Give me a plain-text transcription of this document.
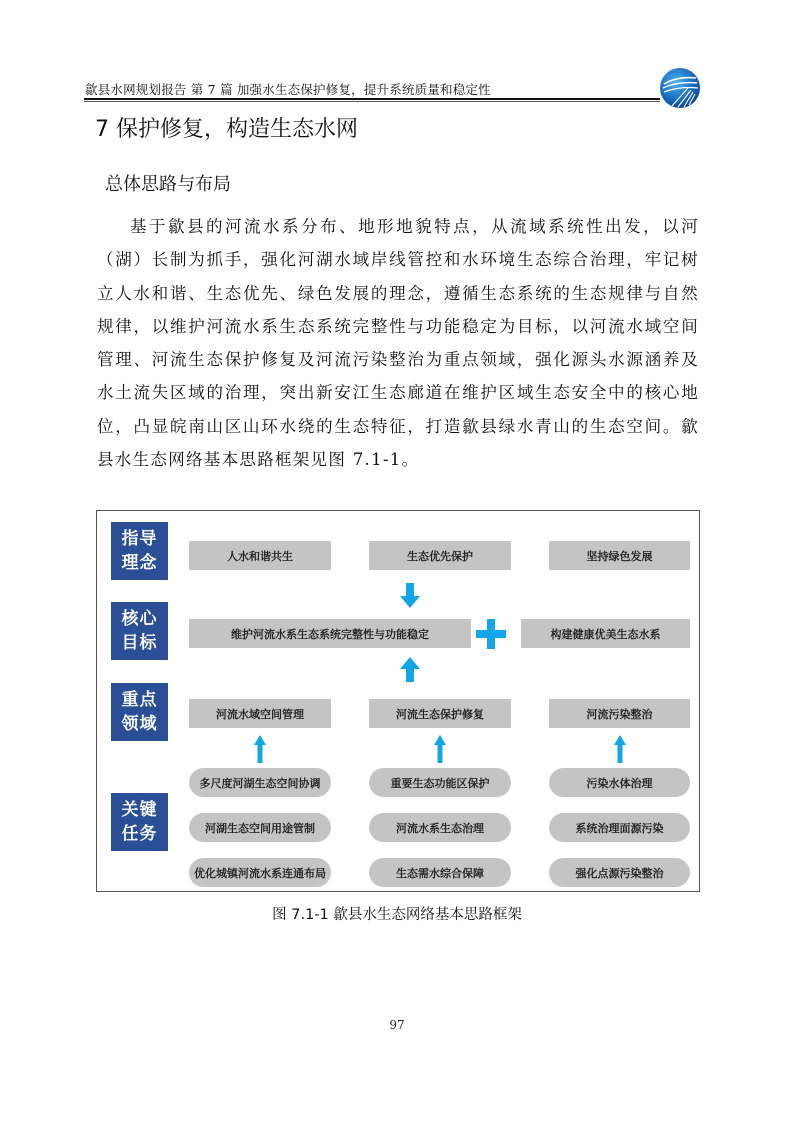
歙县水网规划报告 第 7 篇 加强水生态保护修复，提升系统质量和稳定性
7 保护修复，构造生态水网
总体思路与布局
基于歙县的河流水系分布、地形地貌特点，从流域系统性出发，以河（湖）长制为抓手，强化河湖水域岸线管控和水环境生态综合治理，牢记树立人水和谐、生态优先、绿色发展的理念，遵循生态系统的生态规律与自然规律，以维护河流水系生态系统完整性与功能稳定为目标，以河流水域空间管理、河流生态保护修复及河流污染整治为重点领域，强化源头水源涵养及水土流失区域的治理，突出新安江生态廊道在维护区域生态安全中的核心地位，凸显皖南山区山环水绕的生态特征，打造歙县绿水青山的生态空间。歙县水生态网络基本思路框架见图 7.1-1。
指导
理念
核心
目标
重点
领域
关键
任务
人水和谐共生	生态优先保护	坚持绿色发展
维护河流水系生态系统完整性与功能稳定	构建健康优美生态水系
河流水域空间管理	河流生态保护修复	河流污染整治
多尺度河湖生态空间协调
河湖生态空间用途管制
优化城镇河流水系连通布局
重要生态功能区保护
河流水系生态治理
生态需水综合保障
污染水体治理
系统治理面源污染
强化点源污染整治
图 7.1-1 歙县水生态网络基本思路框架
97
